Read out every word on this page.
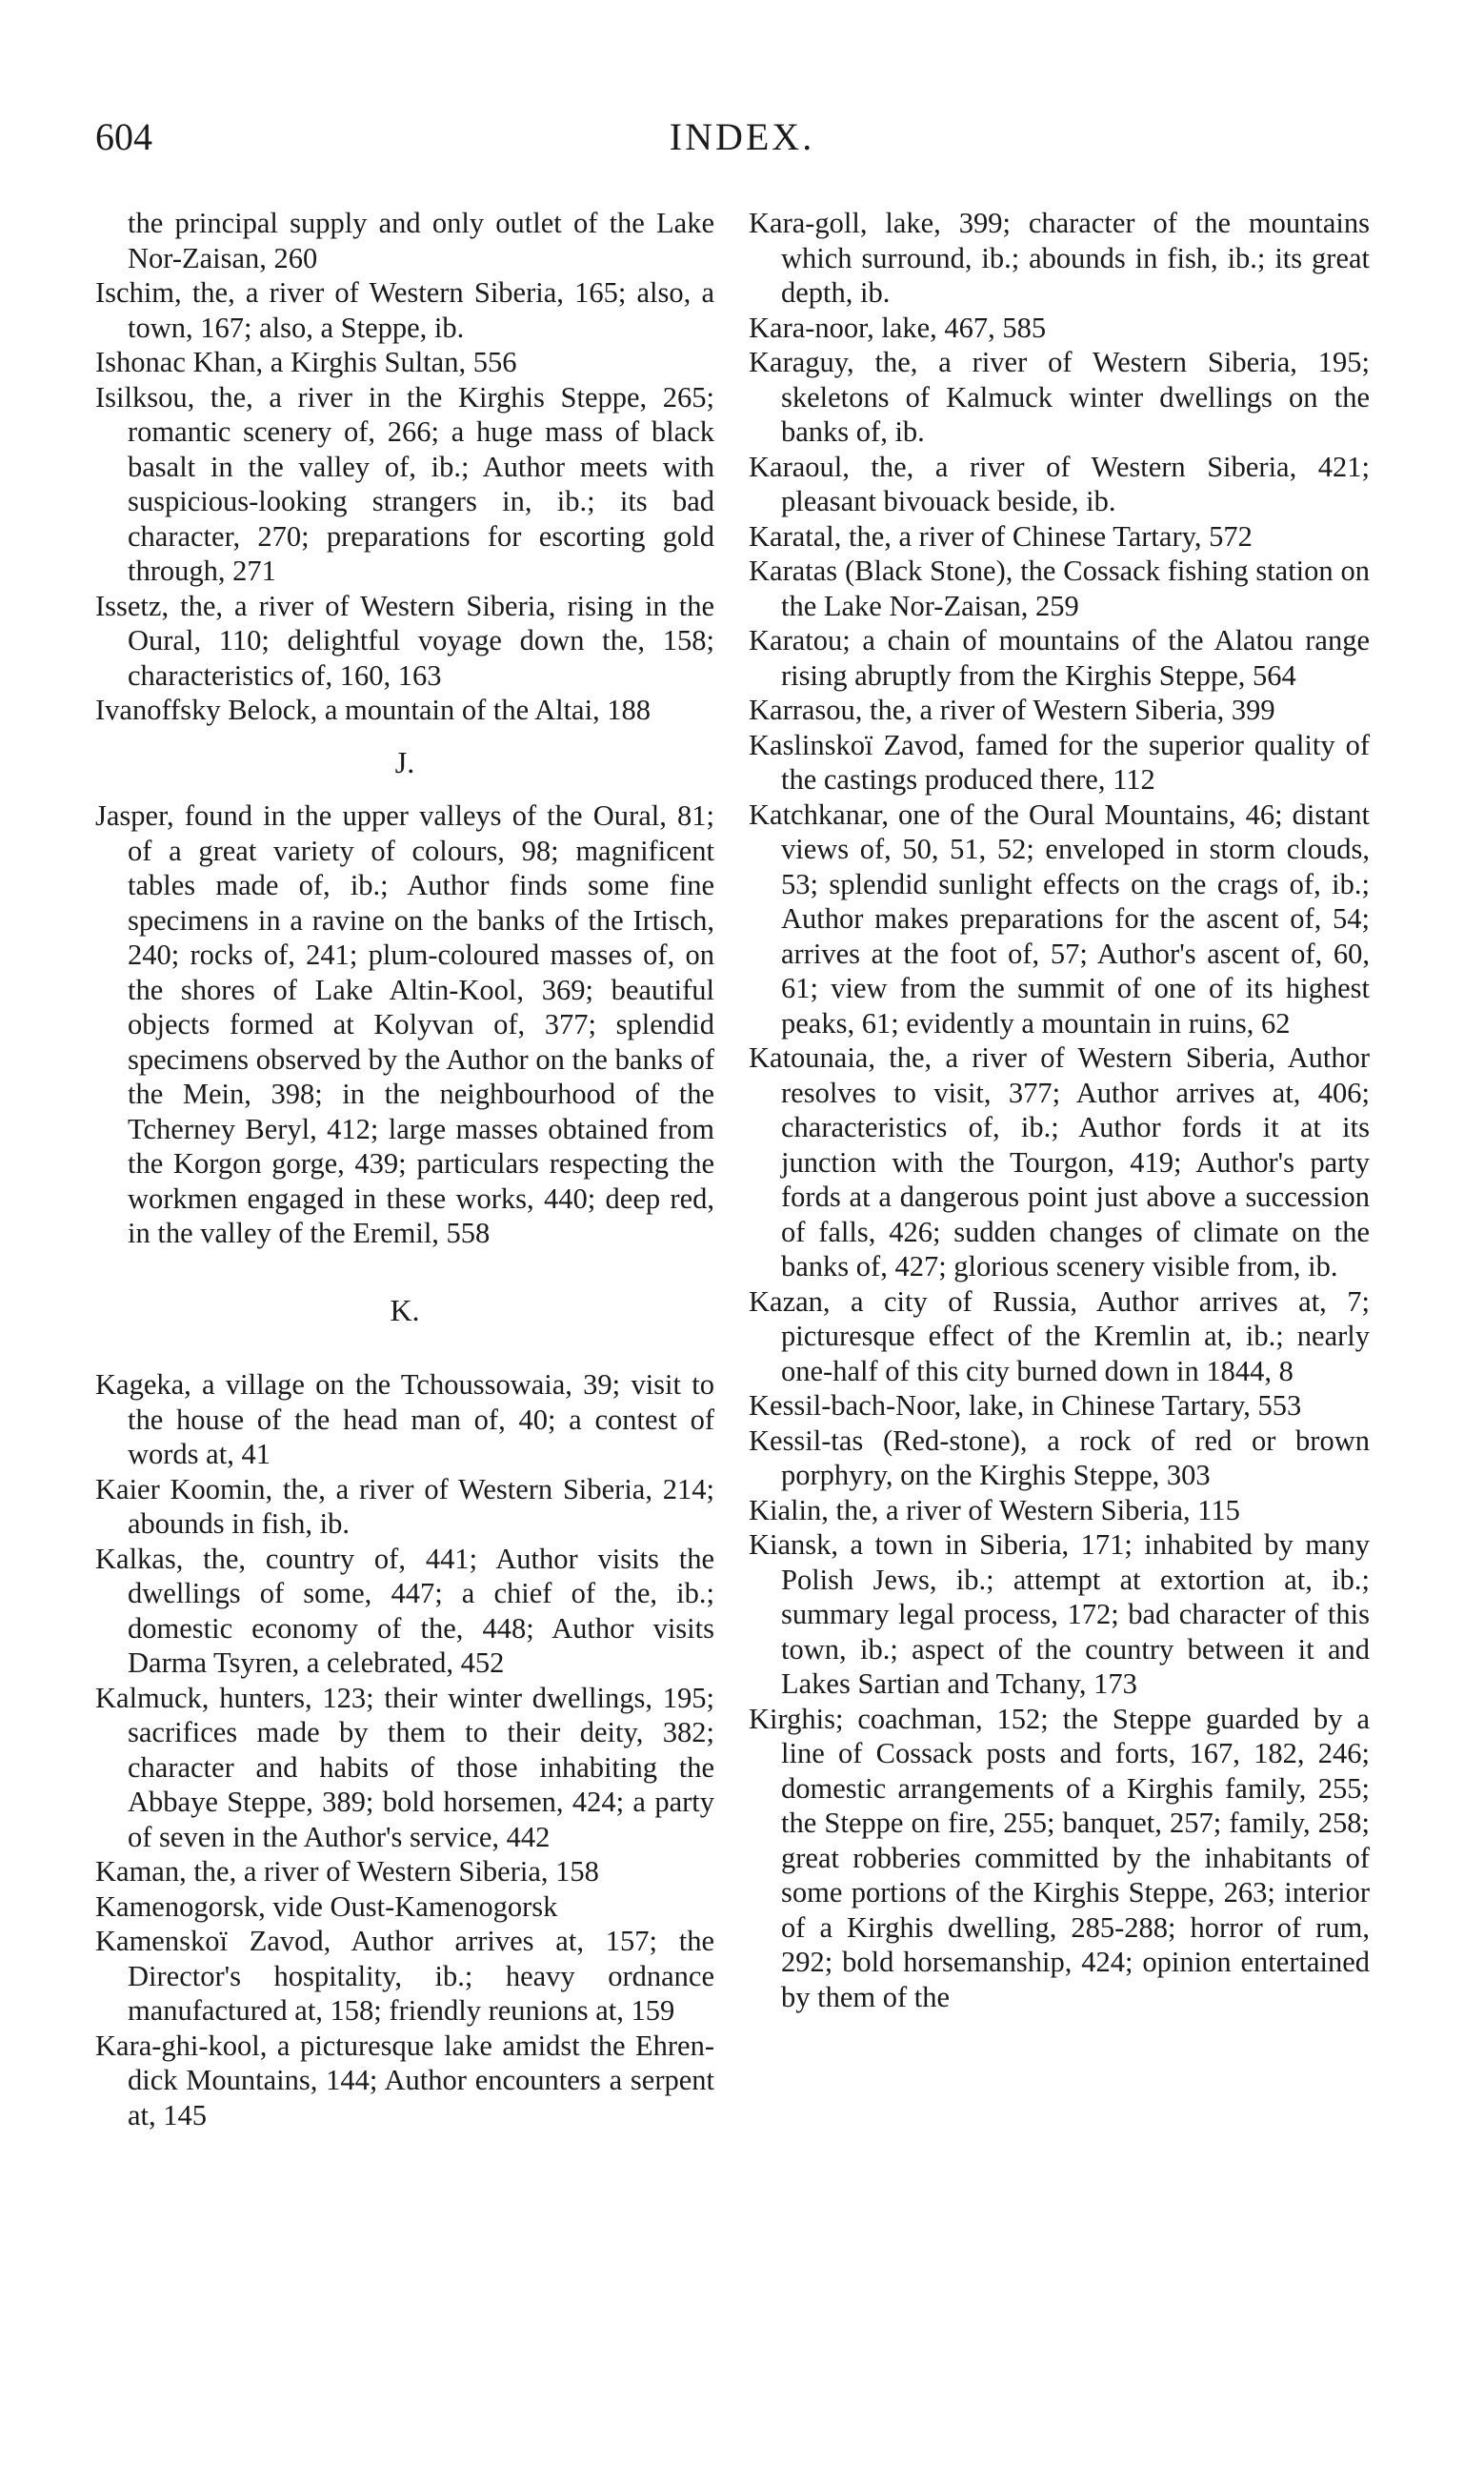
604	INDEX.

the principal supply and only outlet of the Lake Nor-Zaisan, 260

Ischim, the, a river of Western Siberia, 165; also, a town, 167; also, a Steppe, ib.

Ishonac Khan, a Kirghis Sultan, 556

Isilksou, the, a river in the Kirghis Steppe, 265; romantic scenery of, 266; a huge mass of black basalt in the valley of, ib.; Author meets with suspicious-looking strangers in, ib.; its bad character, 270; preparations for escorting gold through, 271

Issetz, the, a river of Western Siberia, rising in the Oural, 110; delightful voyage down the, 158; characteristics of, 160, 163

Ivanoffsky Belock, a mountain of the Altai, 188

J.

Jasper, found in the upper valleys of the Oural, 81; of a great variety of colours, 98; magnificent tables made of, ib.; Author finds some fine specimens in a ravine on the banks of the Irtisch, 240; rocks of, 241; plum-coloured masses of, on the shores of Lake Altin-Kool, 369; beautiful objects formed at Kolyvan of, 377; splendid specimens observed by the Author on the banks of the Mein, 398; in the neighbourhood of the Tcherney Beryl, 412; large masses obtained from the Korgon gorge, 439; particulars respecting the workmen engaged in these works, 440; deep red, in the valley of the Eremil, 558

K.

Kageka, a village on the Tchoussowaia, 39; visit to the house of the head man of, 40; a contest of words at, 41

Kaier Koomin, the, a river of Western Siberia, 214; abounds in fish, ib.

Kalkas, the, country of, 441; Author visits the dwellings of some, 447; a chief of the, ib.; domestic economy of the, 448; Author visits Darma Tsyren, a celebrated, 452

Kalmuck, hunters, 123; their winter dwellings, 195; sacrifices made by them to their deity, 382; character and habits of those inhabiting the Abbaye Steppe, 389; bold horsemen, 424; a party of seven in the Author's service, 442

Kaman, the, a river of Western Siberia, 158

Kamenogorsk, vide Oust-Kamenogorsk

Kamenskoï Zavod, Author arrives at, 157; the Director's hospitality, ib.; heavy ordnance manufactured at, 158; friendly reunions at, 159

Kara-ghi-kool, a picturesque lake amidst the Ehren-dick Mountains, 144; Author encounters a serpent at, 145

Kara-goll, lake, 399; character of the mountains which surround, ib.; abounds in fish, ib.; its great depth, ib.

Kara-noor, lake, 467, 585

Karaguy, the, a river of Western Siberia, 195; skeletons of Kalmuck winter dwellings on the banks of, ib.

Karaoul, the, a river of Western Siberia, 421; pleasant bivouack beside, ib.

Karatal, the, a river of Chinese Tartary, 572

Karatas (Black Stone), the Cossack fishing station on the Lake Nor-Zaisan, 259

Karatou; a chain of mountains of the Alatou range rising abruptly from the Kirghis Steppe, 564

Karrasou, the, a river of Western Siberia, 399

Kaslinskoï Zavod, famed for the superior quality of the castings produced there, 112

Katchkanar, one of the Oural Mountains, 46; distant views of, 50, 51, 52; enveloped in storm clouds, 53; splendid sunlight effects on the crags of, ib.; Author makes preparations for the ascent of, 54; arrives at the foot of, 57; Author's ascent of, 60, 61; view from the summit of one of its highest peaks, 61; evidently a mountain in ruins, 62

Katounaia, the, a river of Western Siberia, Author resolves to visit, 377; Author arrives at, 406; characteristics of, ib.; Author fords it at its junction with the Tourgon, 419; Author's party fords at a dangerous point just above a succession of falls, 426; sudden changes of climate on the banks of, 427; glorious scenery visible from, ib.

Kazan, a city of Russia, Author arrives at, 7; picturesque effect of the Kremlin at, ib.; nearly one-half of this city burned down in 1844, 8

Kessil-bach-Noor, lake, in Chinese Tartary, 553

Kessil-tas (Red-stone), a rock of red or brown porphyry, on the Kirghis Steppe, 303

Kialin, the, a river of Western Siberia, 115

Kiansk, a town in Siberia, 171; inhabited by many Polish Jews, ib.; attempt at extortion at, ib.; summary legal process, 172; bad character of this town, ib.; aspect of the country between it and Lakes Sartian and Tchany, 173

Kirghis; coachman, 152; the Steppe guarded by a line of Cossack posts and forts, 167, 182, 246; domestic arrangements of a Kirghis family, 255; the Steppe on fire, 255; banquet, 257; family, 258; great robberies committed by the inhabitants of some portions of the Kirghis Steppe, 263; interior of a Kirghis dwelling, 285-288; horror of rum, 292; bold horsemanship, 424; opinion entertained by them of the
